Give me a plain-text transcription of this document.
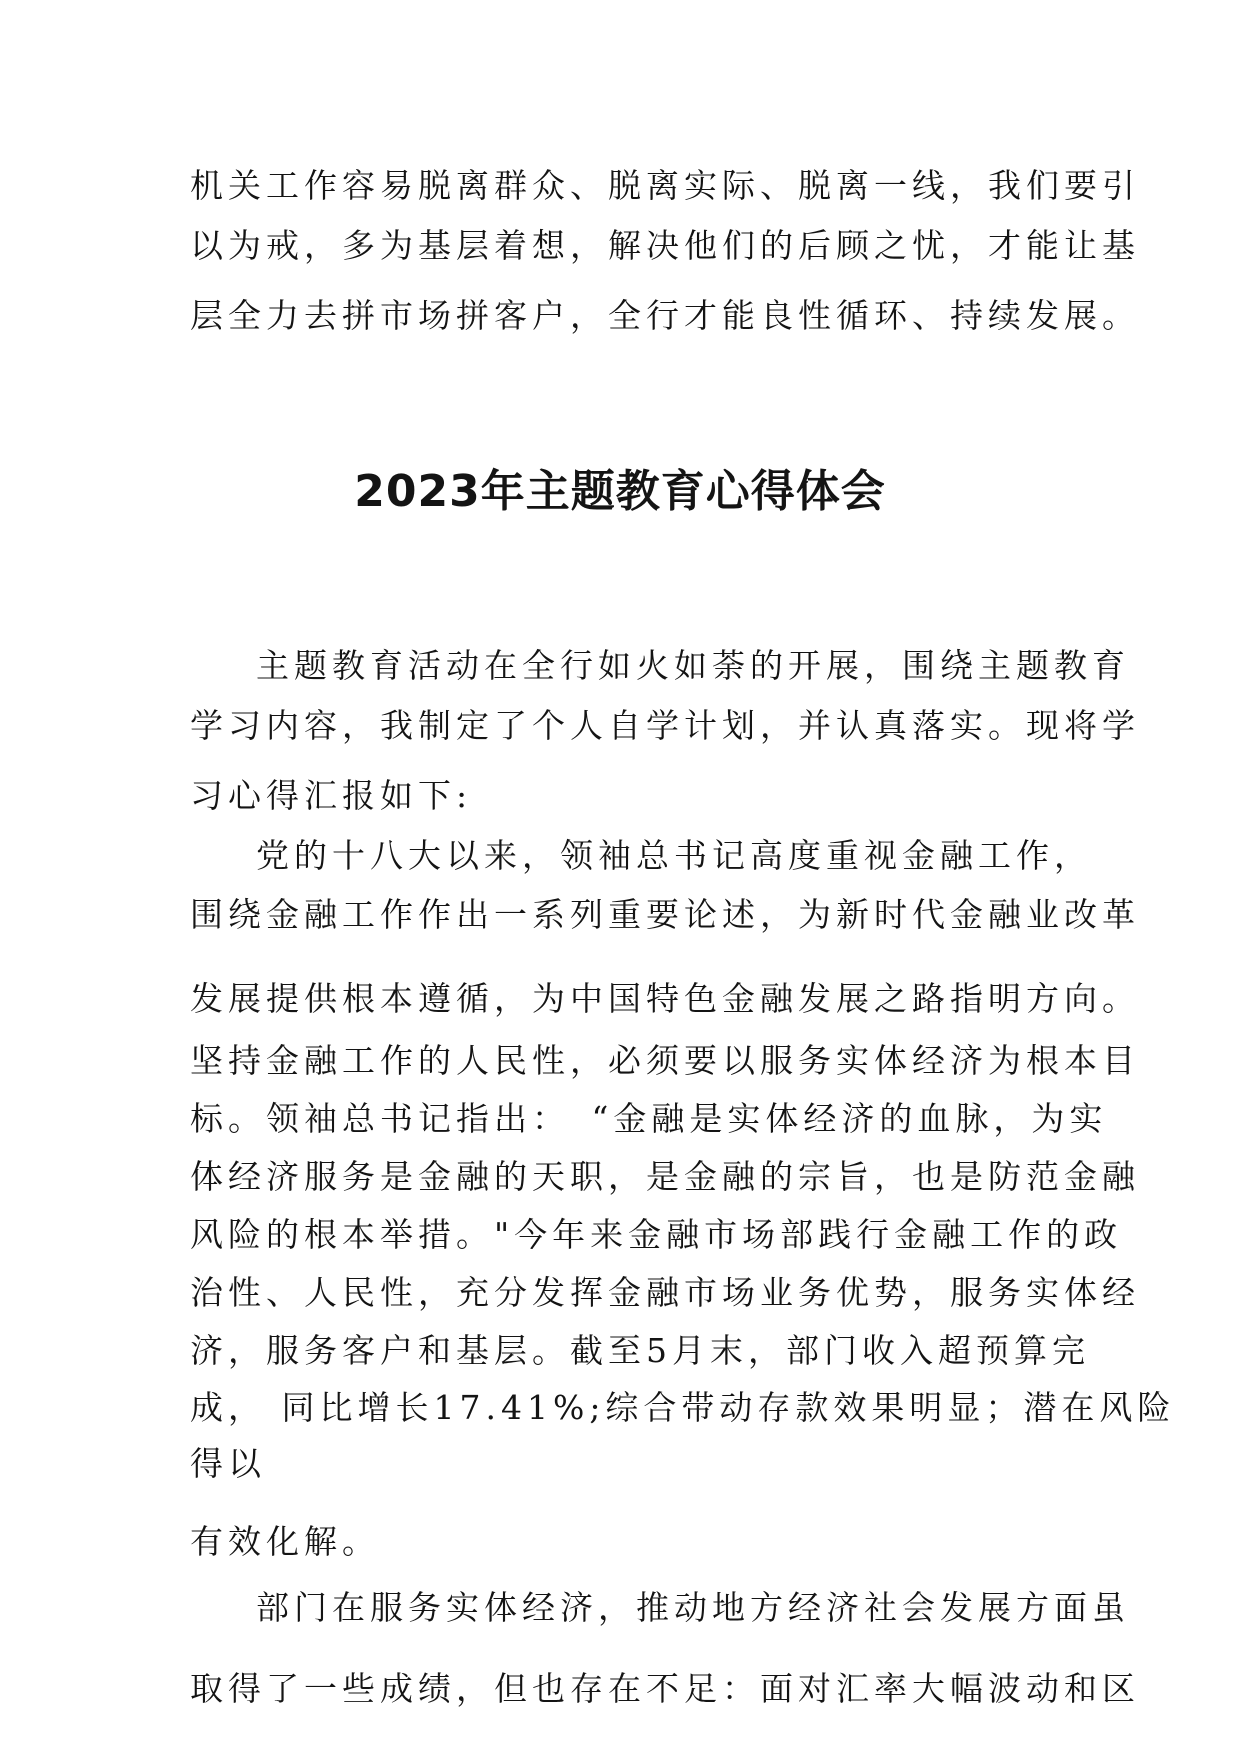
机关工作容易脱离群众、脱离实际、脱离一线，我们要引

以为戒，多为基层着想，解决他们的后顾之忧，才能让基

层全力去拼市场拼客户，全行才能良性循环、持续发展。

2023年主题教育心得体会

主题教育活动在全行如火如荼的开展，围绕主题教育

学习内容，我制定了个人自学计划，并认真落实。现将学

习心得汇报如下:

党的十八大以来，领袖总书记高度重视金融工作，

围绕金融工作作出一系列重要论述，为新时代金融业改革

发展提供根本遵循，为中国特色金融发展之路指明方向。

坚持金融工作的人民性，必须要以服务实体经济为根本目

标。领袖总书记指出：　“金融是实体经济的血脉，为实

体经济服务是金融的天职，是金融的宗旨，也是防范金融

风险的根本举措。"今年来金融市场部践行金融工作的政

治性、人民性，充分发挥金融市场业务优势，服务实体经

济，服务客户和基层。截至5月末，部门收入超预算完

成， 同比增长17.41%;综合带动存款效果明显；潜在风险

得以

有效化解。

部门在服务实体经济，推动地方经济社会发展方面虽

取得了一些成绩，但也存在不足：面对汇率大幅波动和区
